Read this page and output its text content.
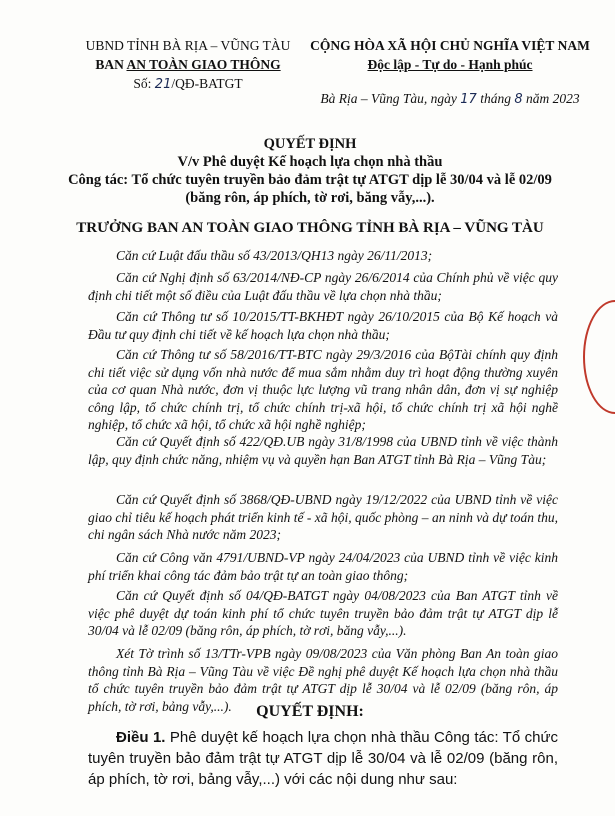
UBND TỈNH BÀ RỊA – VŨNG TÀU
BAN AN TOÀN GIAO THÔNG
Số: 21/QĐ-BATGT
CỘNG HÒA XÃ HỘI CHỦ NGHĨA VIỆT NAM
Độc lập - Tự do - Hạnh phúc
Bà Rịa – Vũng Tàu, ngày 17 tháng 8 năm 2023
QUYẾT ĐỊNH
V/v Phê duyệt Kế hoạch lựa chọn nhà thầu
Công tác: Tổ chức tuyên truyền bảo đảm trật tự ATGT dịp lễ 30/04 và lễ 02/09 (băng rôn, áp phích, tờ rơi, băng vẫy,...).
TRƯỞNG BAN AN TOÀN GIAO THÔNG TỈNH BÀ RỊA – VŨNG TÀU
Căn cứ Luật đấu thầu số 43/2013/QH13 ngày 26/11/2013;
Căn cứ Nghị định số 63/2014/NĐ-CP ngày 26/6/2014 của Chính phủ về việc quy định chi tiết một số điều của Luật đấu thầu về lựa chọn nhà thầu;
Căn cứ Thông tư số 10/2015/TT-BKHĐT ngày 26/10/2015 của Bộ Kế hoạch và Đầu tư quy định chi tiết về kế hoạch lựa chọn nhà thầu;
Căn cứ Thông tư số 58/2016/TT-BTC ngày 29/3/2016 của BộTài chính quy định chi tiết việc sử dụng vốn nhà nước để mua sắm nhằm duy trì hoạt động thường xuyên của cơ quan Nhà nước, đơn vị thuộc lực lượng vũ trang nhân dân, đơn vị sự nghiệp công lập, tổ chức chính trị, tổ chức chính trị-xã hội, tổ chức chính trị xã hội nghề nghiệp, tổ chức xã hội, tổ chức xã hội nghề nghiệp;
Căn cứ Quyết định số 422/QĐ.UB ngày 31/8/1998 của UBND tỉnh về việc thành lập, quy định chức năng, nhiệm vụ và quyền hạn Ban ATGT tỉnh Bà Rịa – Vũng Tàu;
Căn cứ Quyết định số 3868/QĐ-UBND ngày 19/12/2022 của UBND tỉnh về việc giao chỉ tiêu kế hoạch phát triển kinh tế - xã hội, quốc phòng – an ninh và dự toán thu, chi ngân sách Nhà nước năm 2023;
Căn cứ Công văn 4791/UBND-VP ngày 24/04/2023 của UBND tỉnh về việc kinh phí triển khai công tác đảm bảo trật tự an toàn giao thông;
Căn cứ Quyết định số 04/QĐ-BATGT ngày 04/08/2023 của Ban ATGT tỉnh về việc phê duyệt dự toán kinh phí tổ chức tuyên truyền bảo đảm trật tự ATGT dịp lễ 30/04 và lễ 02/09 (băng rôn, áp phích, tờ rơi, băng vẫy,...).
Xét Tờ trình số 13/TTr-VPB ngày 09/08/2023 của Văn phòng Ban An toàn giao thông tỉnh Bà Rịa – Vũng Tàu về việc Đề nghị phê duyệt Kế hoạch lựa chọn nhà thầu tổ chức tuyên truyền bảo đảm trật tự ATGT dịp lễ 30/04 và lễ 02/09 (băng rôn, áp phích, tờ rơi, bảng vẫy,...).	QUYẾT ĐỊNH:
Điều 1. Phê duyệt kế hoạch lựa chọn nhà thầu Công tác: Tổ chức tuyên truyền bảo đảm trật tự ATGT dịp lễ 30/04 và lễ 02/09 (băng rôn, áp phích, tờ rơi, bảng vẫy,...) với các nội dung như sau:
